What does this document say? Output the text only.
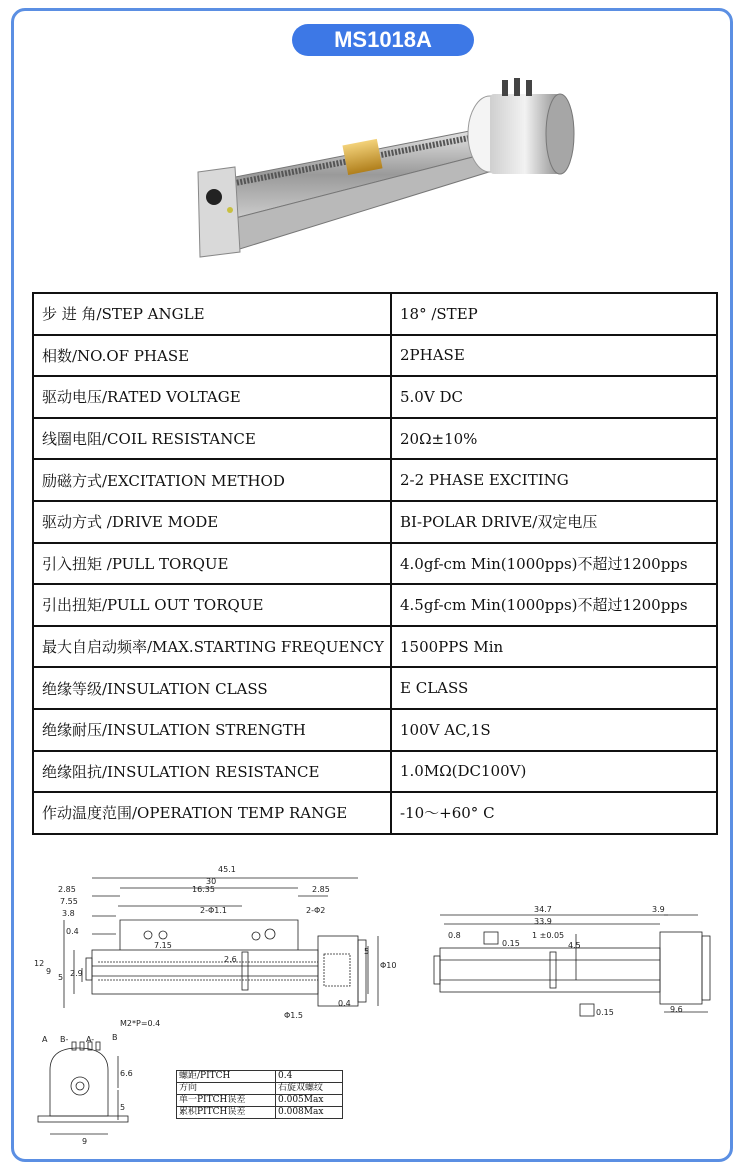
MS1018A
步 进 角/STEP ANGLE	18° /STEP
相数/NO.OF PHASE	2PHASE
驱动电压/RATED VOLTAGE	5.0V DC
线圈电阻/COIL RESISTANCE	20Ω±10%
励磁方式/EXCITATION METHOD	2-2 PHASE EXCITING
驱动方式 /DRIVE MODE	BI-POLAR DRIVE/双定电压
引入扭矩 /PULL TORQUE	4.0gf-cm Min(1000pps)不超过1200pps
引出扭矩/PULL OUT TORQUE	4.5gf-cm Min(1000pps)不超过1200pps
最大自启动频率/MAX.STARTING FREQUENCY	1500PPS Min
绝缘等级/INSULATION CLASS	E CLASS
绝缘耐压/INSULATION STRENGTH	100V AC,1S
绝缘阻抗/INSULATION RESISTANCE	1.0MΩ(DC100V)
作动温度范围/OPERATION TEMP RANGE	-10～+60° C
45.1
30
16.35
2.85	2.85
7.55
3.8
0.4
2-Φ1.1	2-Φ2
7.15
2.6
12
9
5 2.9
M2*P=0.4
Φ1.5
0.4
5
Φ10
34.7	3.9
33.9
0.8
0.15
1 ±0.05
4.5
0.15	9.6
A B- A- B
6.6
5
9
螺距/PITCH	0.4
方向	右旋双螺纹
单一PITCH误差	0.005Max
累积PITCH误差	0.008Max
